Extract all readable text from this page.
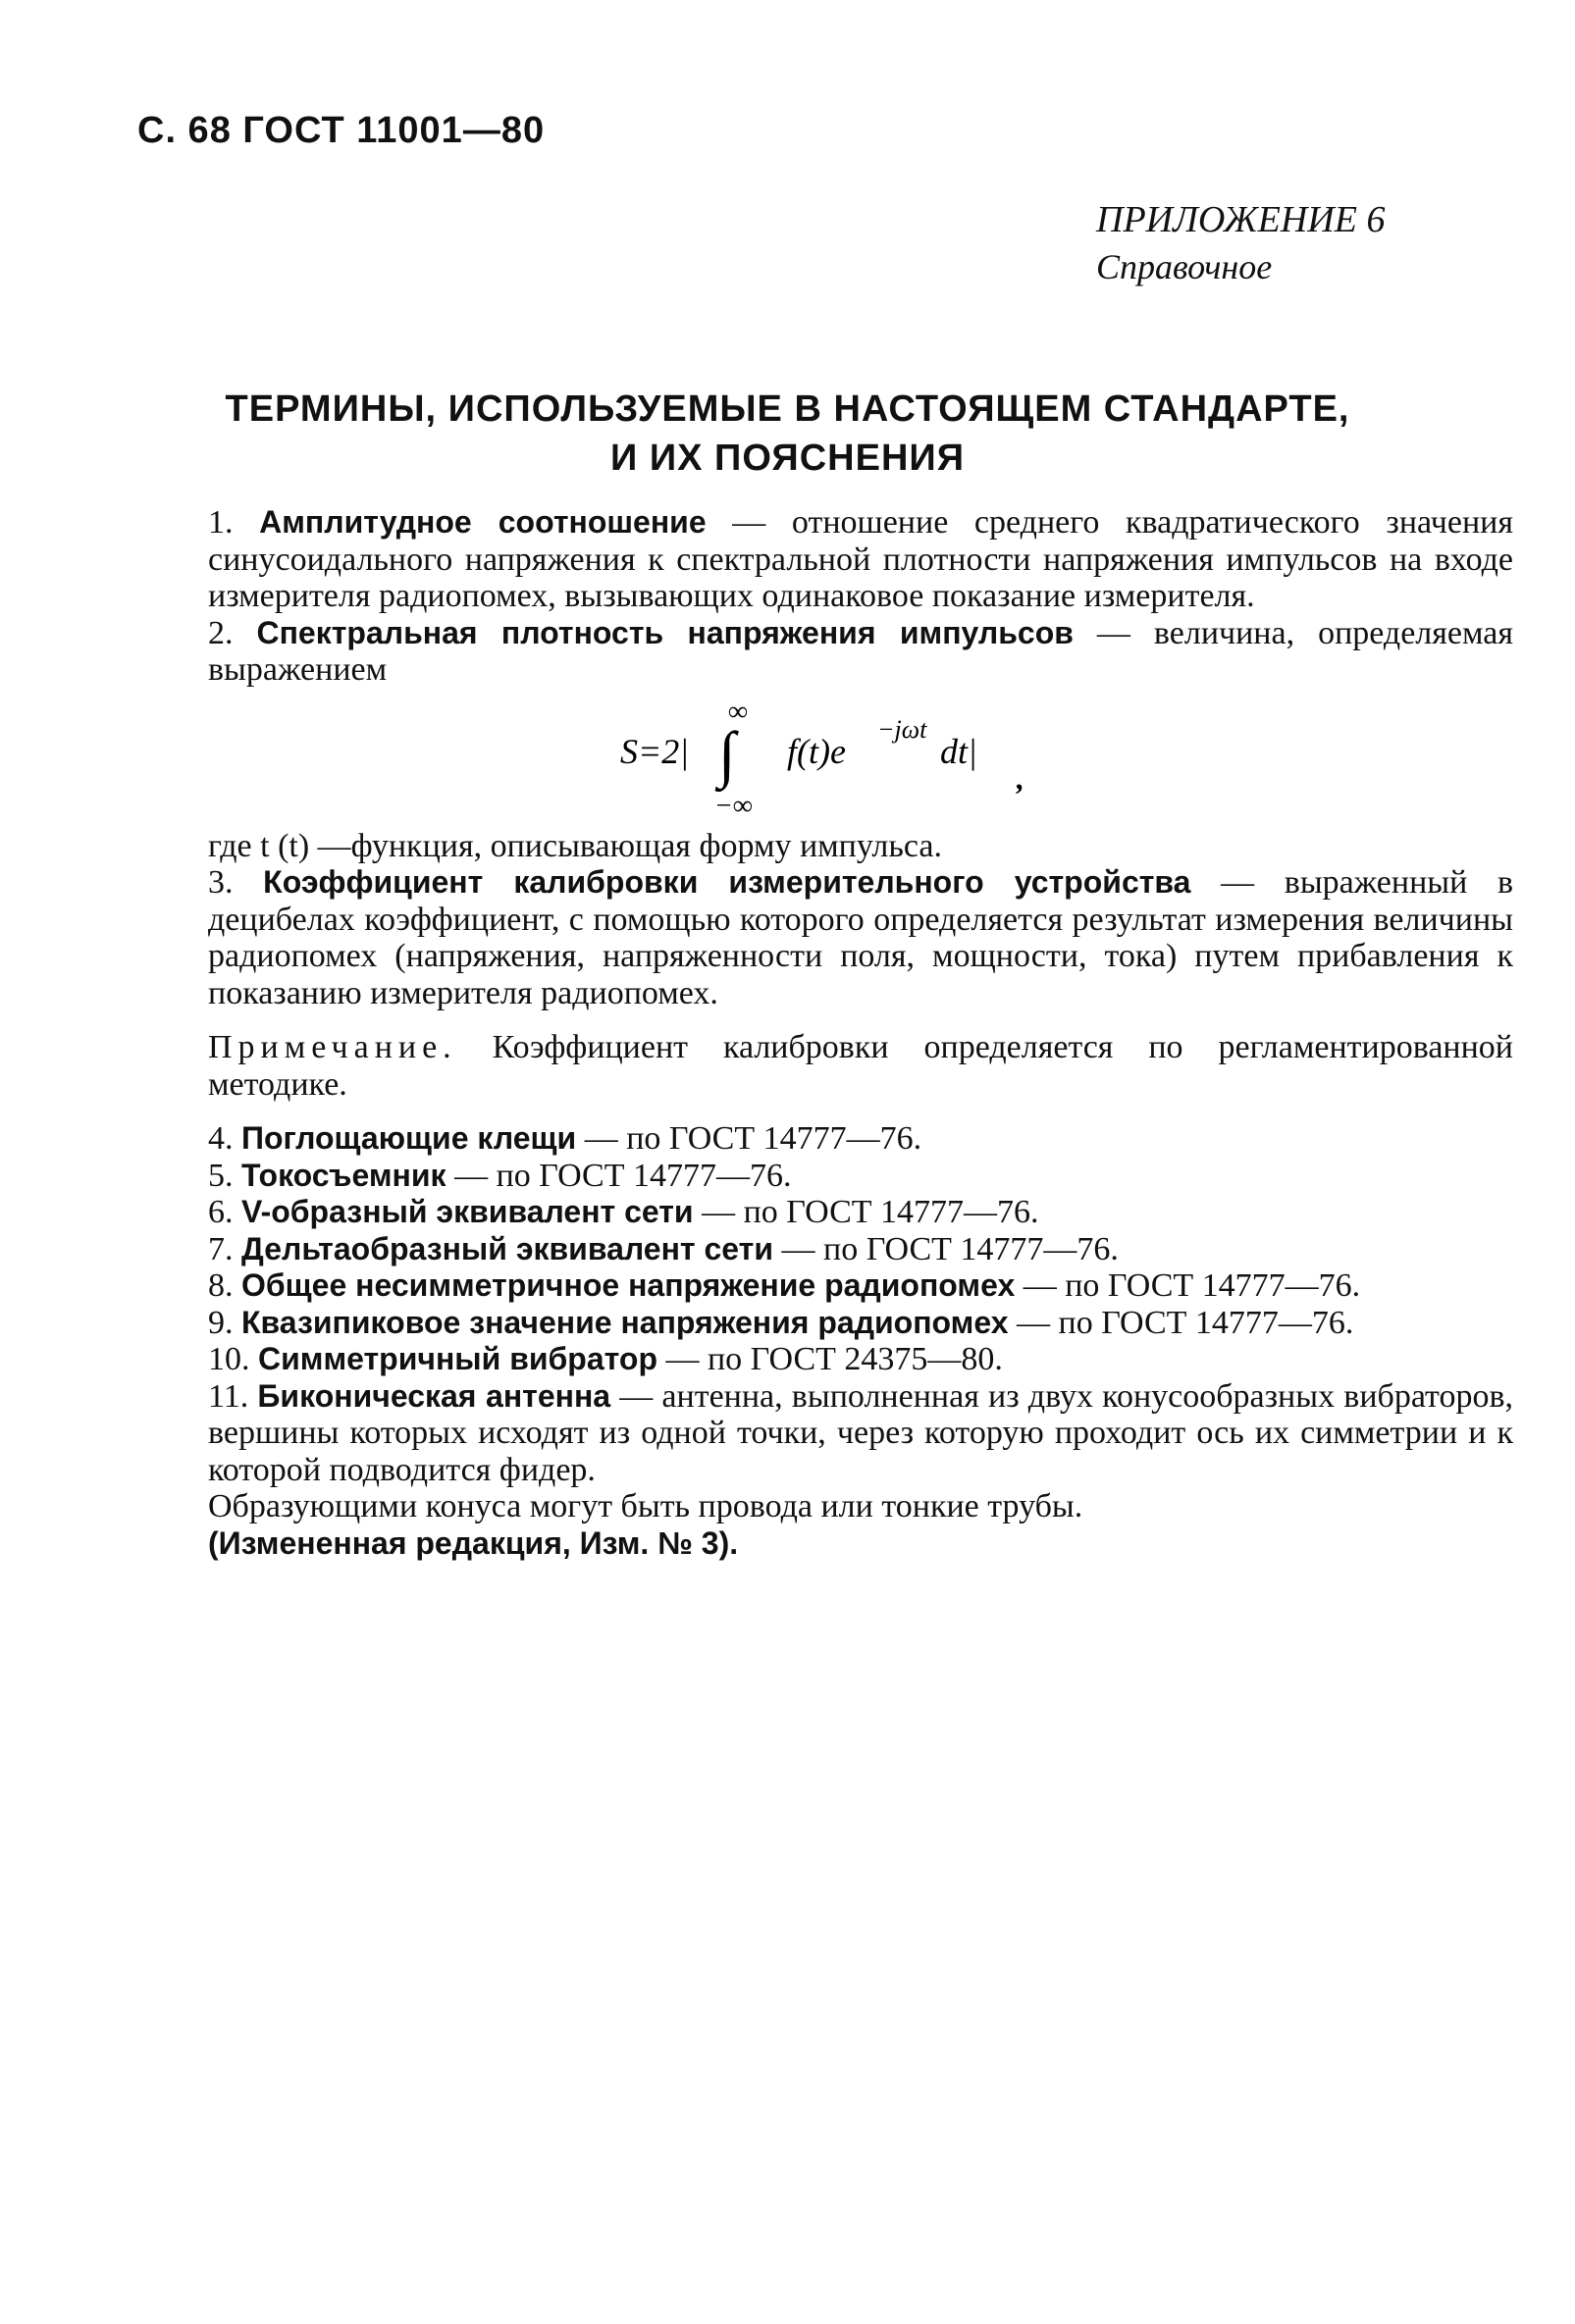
С. 68 ГОСТ 11001—80
ПРИЛОЖЕНИЕ 6
Справочное
ТЕРМИНЫ, ИСПОЛЬЗУЕМЫЕ В НАСТОЯЩЕМ СТАНДАРТЕ,
И ИХ ПОЯСНЕНИЯ

1. Амплитудное соотношение — отношение среднего квадратического значения синусоидального напряжения к спектральной плотности напряжения импульсов на входе измерителя радиопомех, вызывающих одинаковое показание измерителя.

2. Спектральная плотность напряжения импульсов — величина, определяемая выражением

S=2|
∞
∫
−∞
f(t)e
−jωt
dt|
,

где t (t) —функция, описывающая форму импульса.

3. Коэффициент калибровки измерительного устройства — выраженный в децибелах коэффициент, с помощью которого определяется результат измерения величины радиопомех (напряжения, напряженности поля, мощности, тока) путем прибавления к показанию измерителя радиопомех.

Примечание. Коэффициент калибровки определяется по регламентированной методике.

4. Поглощающие клещи — по ГОСТ 14777—76.

5. Токосъемник — по ГОСТ 14777—76.

6. V-образный эквивалент сети — по ГОСТ 14777—76.

7. Дельтаобразный эквивалент сети — по ГОСТ 14777—76.

8. Общее несимметричное напряжение радиопомех — по ГОСТ 14777—76.

9. Квазипиковое значение напряжения радиопомех — по ГОСТ 14777—76.

10. Симметричный вибратор — по ГОСТ 24375—80.

11. Биконическая антенна — антенна, выполненная из двух конусообразных вибраторов, вершины которых исходят из одной точки, через которую проходит ось их симметрии и к которой подводится фидер.

Образующими конуса могут быть провода или тонкие трубы.

(Измененная редакция, Изм. № 3).
